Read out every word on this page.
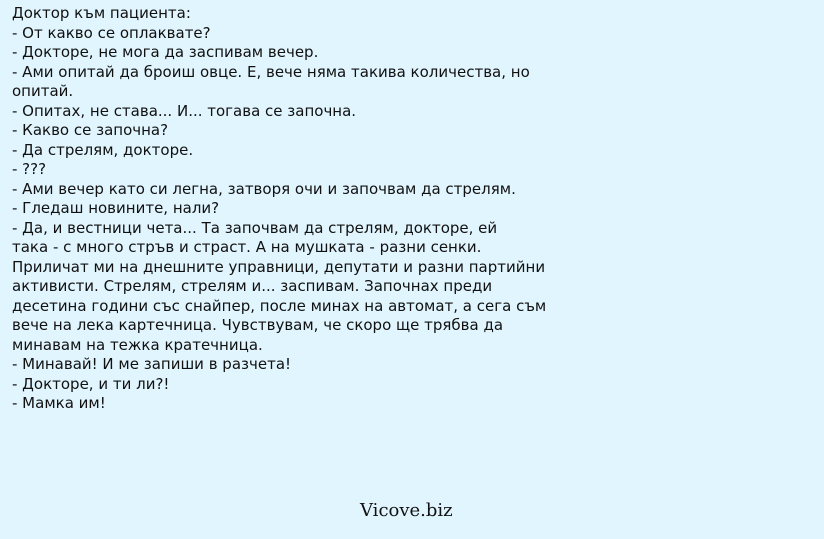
Доктор към пациента:
- От какво се оплаквате?
- Докторе, не мога да заспивам вечер.
- Ами опитай да броиш овце. Е, вече няма такива количества, но
опитай.
- Опитах, не става... И... тогава се започна.
- Какво се започна?
- Да стрелям, докторе.
- ???
- Ами вечер като си легна, затворя очи и започвам да стрелям.
- Гледаш новините, нали?
- Да, и вестници чета... Та започвам да стрелям, докторе, ей
така - с много стръв и страст. А на мушката - разни сенки.
Приличат ми на днешните управници, депутати и разни партийни
активисти. Стрелям, стрелям и... заспивам. Започнах преди
десетина години със снайпер, после минах на автомат, а сега съм
вече на лека картечница. Чувствувам, че скоро ще трябва да
минавам на тежка кратечница.
- Минавай! И ме запиши в разчета!
- Докторе, и ти ли?!
- Мамка им!
Vicove.biz
